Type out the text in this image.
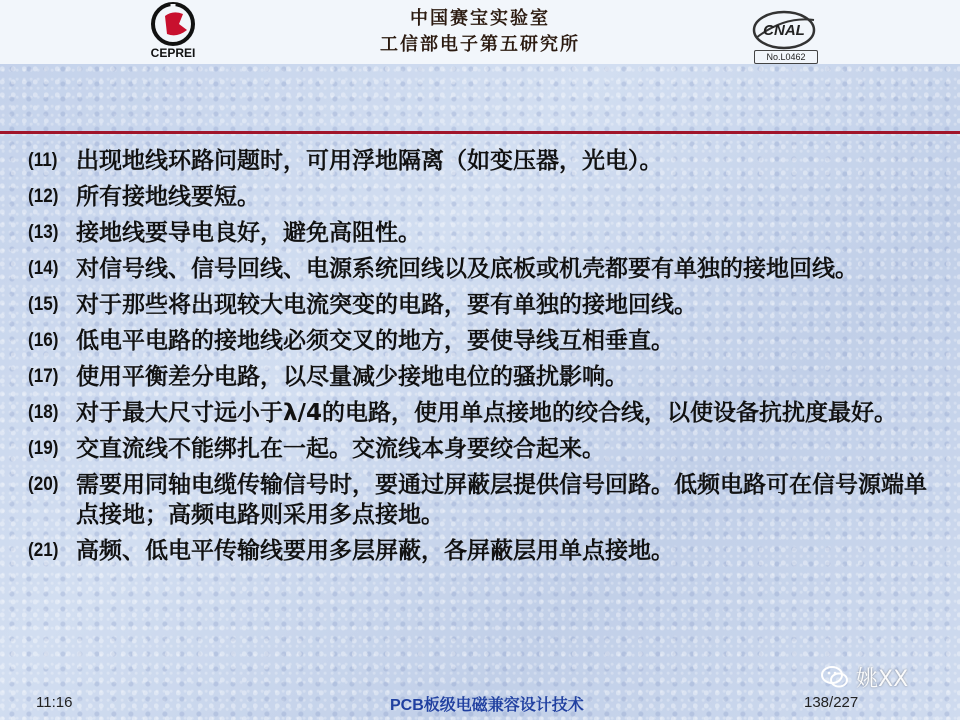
CEPREI
中国赛宝实验室
工信部电子第五研究所
CNAL
No.L0462
(11) 出现地线环路问题时，可用浮地隔离（如变压器，光电）。
(12) 所有接地线要短。
(13) 接地线要导电良好，避免高阻性。
(14) 对信号线、信号回线、电源系统回线以及底板或机壳都要有单独的接地回线。
(15) 对于那些将出现较大电流突变的电路，要有单独的接地回线。
(16) 低电平电路的接地线必须交叉的地方，要使导线互相垂直。
(17) 使用平衡差分电路，以尽量减少接地电位的骚扰影响。
(18) 对于最大尺寸远小于λ/4的电路，使用单点接地的绞合线，以使设备抗扰度最好。
(19) 交直流线不能绑扎在一起。交流线本身要绞合起来。
(20) 需要用同轴电缆传输信号时，要通过屏蔽层提供信号回路。低频电路可在信号源端单点接地；高频电路则采用多点接地。
(21) 高频、低电平传输线要用多层屏蔽，各屏蔽层用单点接地。
姚XX
11:16	PCB板级电磁兼容设计技术	138/227
